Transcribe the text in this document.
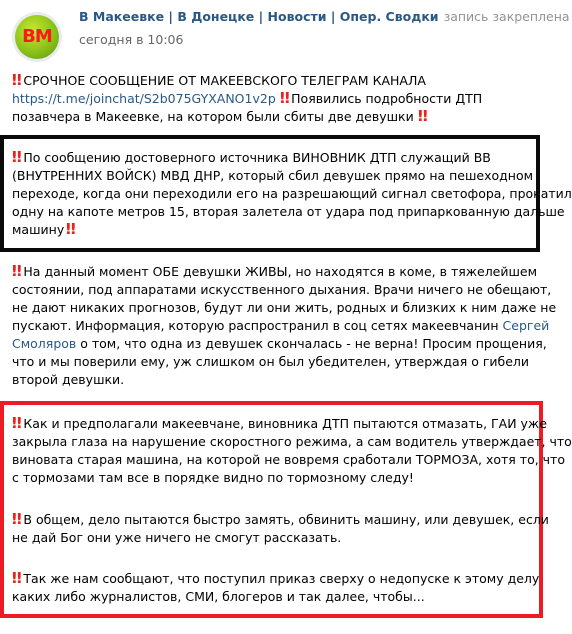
BM
В Макеевке | В Донецке | Новости | Опер. Сводки запись закреплена
сегодня в 10:06
‼ СРОЧНОЕ СООБЩЕНИЕ ОТ МАКЕЕВСКОГО ТЕЛЕГРАМ КАНАЛА
https://t.me/joinchat/S2b075GYXANO1v2p ‼ Появились подробности ДТП
позавчера в Макеевке, на котором были сбиты две девушки ‼
‼ По сообщению достоверного источника ВИНОВНИК ДТП служащий ВВ
(ВНУТРЕННИХ ВОЙСК) МВД ДНР, который сбил девушек прямо на пешеходном
переходе, когда они переходили его на разрешающий сигнал светофора, прокатил
одну на капоте метров 15, вторая залетела от удара под припаркованную дальше
машину ‼
‼ На данный момент ОБЕ девушки ЖИВЫ, но находятся в коме, в тяжелейшем
состоянии, под аппаратами искусственного дыхания. Врачи ничего не обещают,
не дают никаких прогнозов, будут ли они жить, родных и близких к ним даже не
пускают. Информация, которую распространил в соц сетях макеевчанин Сергей
Смоляров о том, что одна из девушек скончалась - не верна! Просим прощения,
что и мы поверили ему, уж слишком он был убедителен, утверждая о гибели
второй девушки.
‼ Как и предполагали макеевчане, виновника ДТП пытаются отмазать, ГАИ уже
закрыла глаза на нарушение скоростного режима, а сам водитель утверждает, что
виновата старая машина, на которой не вовремя сработали ТОРМОЗА, хотя то, что
с тормозами там все в порядке видно по тормозному следу!
‼ В общем, дело пытаются быстро замять, обвинить машину, или девушек, если
не дай Бог они уже ничего не смогут рассказать.
‼ Так же нам сообщают, что поступил приказ сверху о недопуске к этому делу
каких либо журналистов, СМИ, блогеров и так далее, чтобы...
